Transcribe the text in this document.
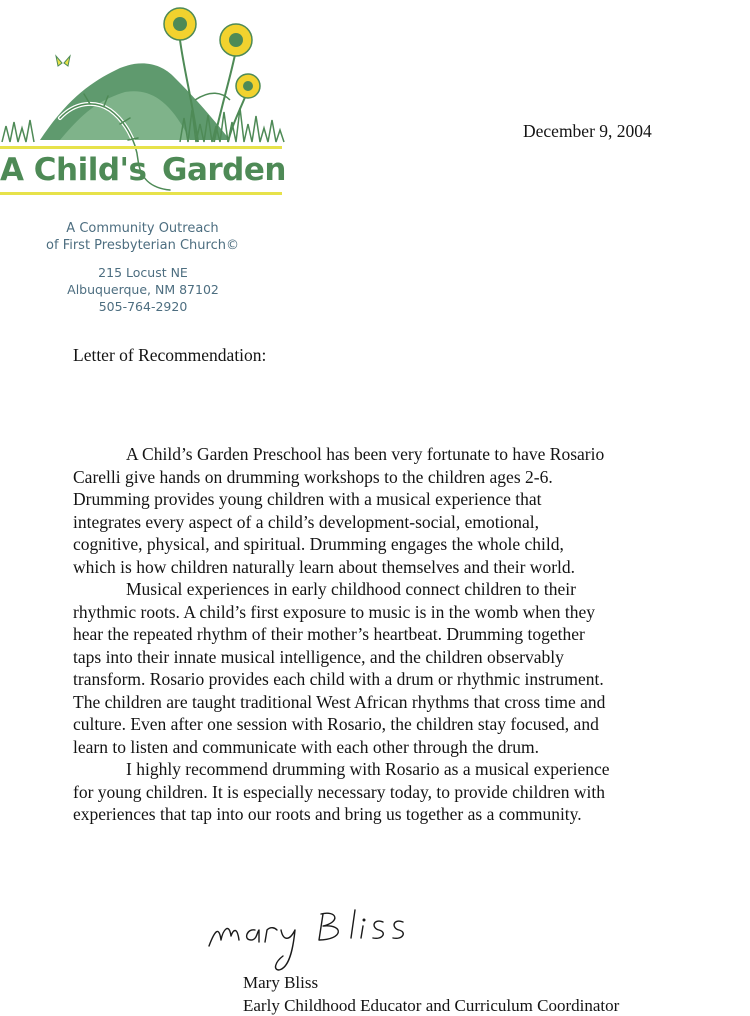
A Child's Garden
A Community Outreach
of First Presbyterian Church©
215 Locust NE
Albuquerque, NM 87102
505-764-2920
December 9, 2004
Letter of Recommendation:

A Child’s Garden Preschool has been very fortunate to have Rosario
Carelli give hands on drumming workshops to the children ages 2-6.
Drumming provides young children with a musical experience that
integrates every aspect of a child’s development-social, emotional,
cognitive, physical, and spiritual. Drumming engages the whole child,
which is how children naturally learn about themselves and their world.

Musical experiences in early childhood connect children to their
rhythmic roots. A child’s first exposure to music is in the womb when they
hear the repeated rhythm of their mother’s heartbeat. Drumming together
taps into their innate musical intelligence, and the children observably
transform. Rosario provides each child with a drum or rhythmic instrument.
The children are taught traditional West African rhythms that cross time and
culture. Even after one session with Rosario, the children stay focused, and
learn to listen and communicate with each other through the drum.

I highly recommend drumming with Rosario as a musical experience
for young children. It is especially necessary today, to provide children with
experiences that tap into our roots and bring us together as a community.

Mary Bliss
Early Childhood Educator and Curriculum Coordinator
